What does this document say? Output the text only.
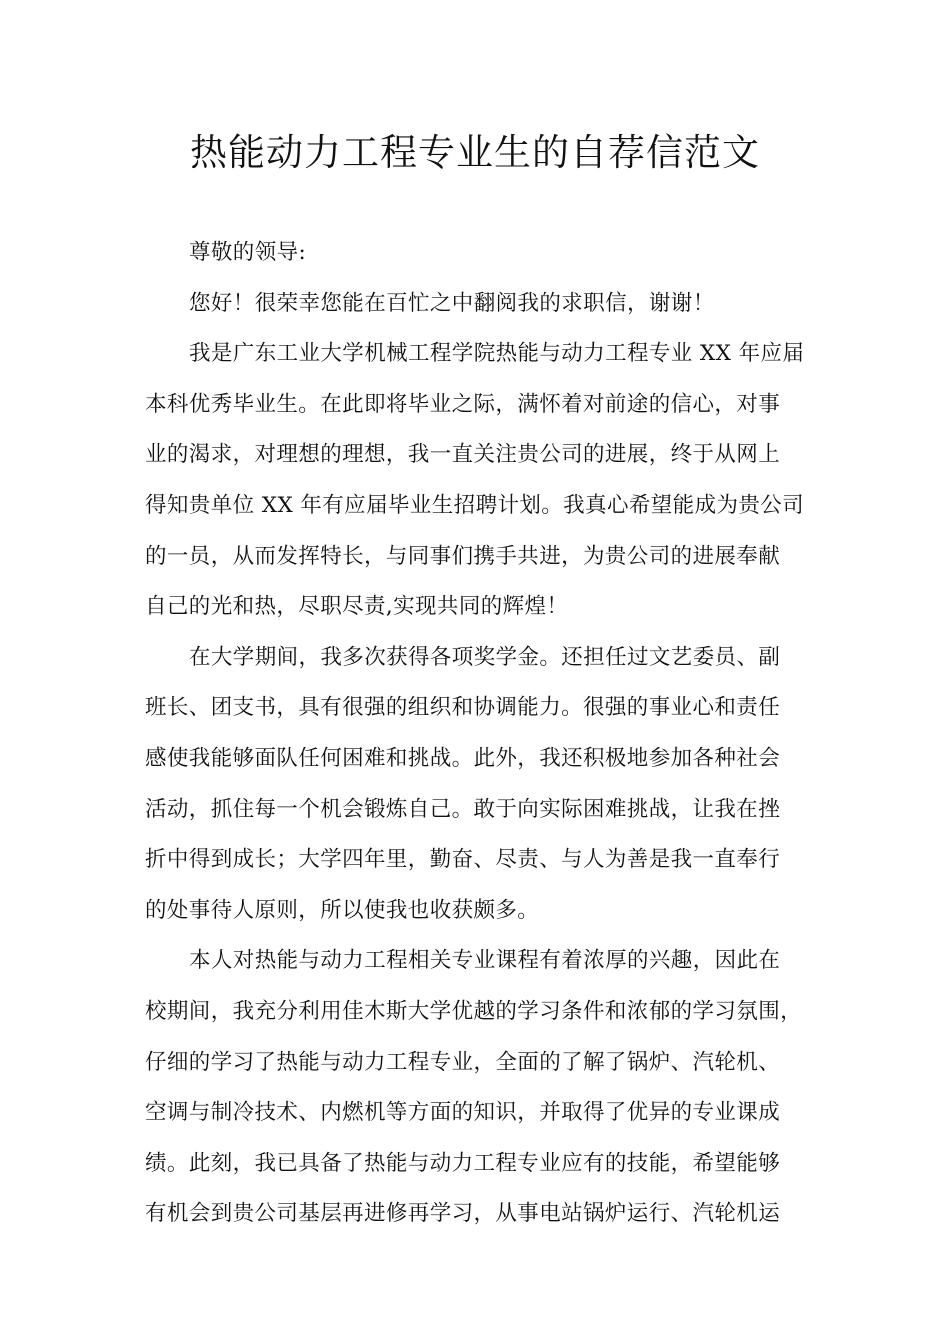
热能动力工程专业生的自荐信范文
尊敬的领导:
您好！很荣幸您能在百忙之中翻阅我的求职信，谢谢！
我是广东工业大学机械工程学院热能与动力工程专业 XX 年应届
本科优秀毕业生。在此即将毕业之际，满怀着对前途的信心，对事
业的渴求，对理想的理想，我一直关注贵公司的进展，终于从网上
得知贵单位 XX 年有应届毕业生招聘计划。我真心希望能成为贵公司
的一员，从而发挥特长，与同事们携手共进，为贵公司的进展奉献
自己的光和热，尽职尽责,实现共同的辉煌！
在大学期间，我多次获得各项奖学金。还担任过文艺委员、副
班长、团支书，具有很强的组织和协调能力。很强的事业心和责任
感使我能够面队任何困难和挑战。此外，我还积极地参加各种社会
活动，抓住每一个机会锻炼自己。敢于向实际困难挑战，让我在挫
折中得到成长；大学四年里，勤奋、尽责、与人为善是我一直奉行
的处事待人原则，所以使我也收获颇多。
本人对热能与动力工程相关专业课程有着浓厚的兴趣，因此在
校期间，我充分利用佳木斯大学优越的学习条件和浓郁的学习氛围，
仔细的学习了热能与动力工程专业，全面的了解了锅炉、汽轮机、
空调与制冷技术、内燃机等方面的知识，并取得了优异的专业课成
绩。此刻，我已具备了热能与动力工程专业应有的技能，希望能够
有机会到贵公司基层再进修再学习，从事电站锅炉运行、汽轮机运
